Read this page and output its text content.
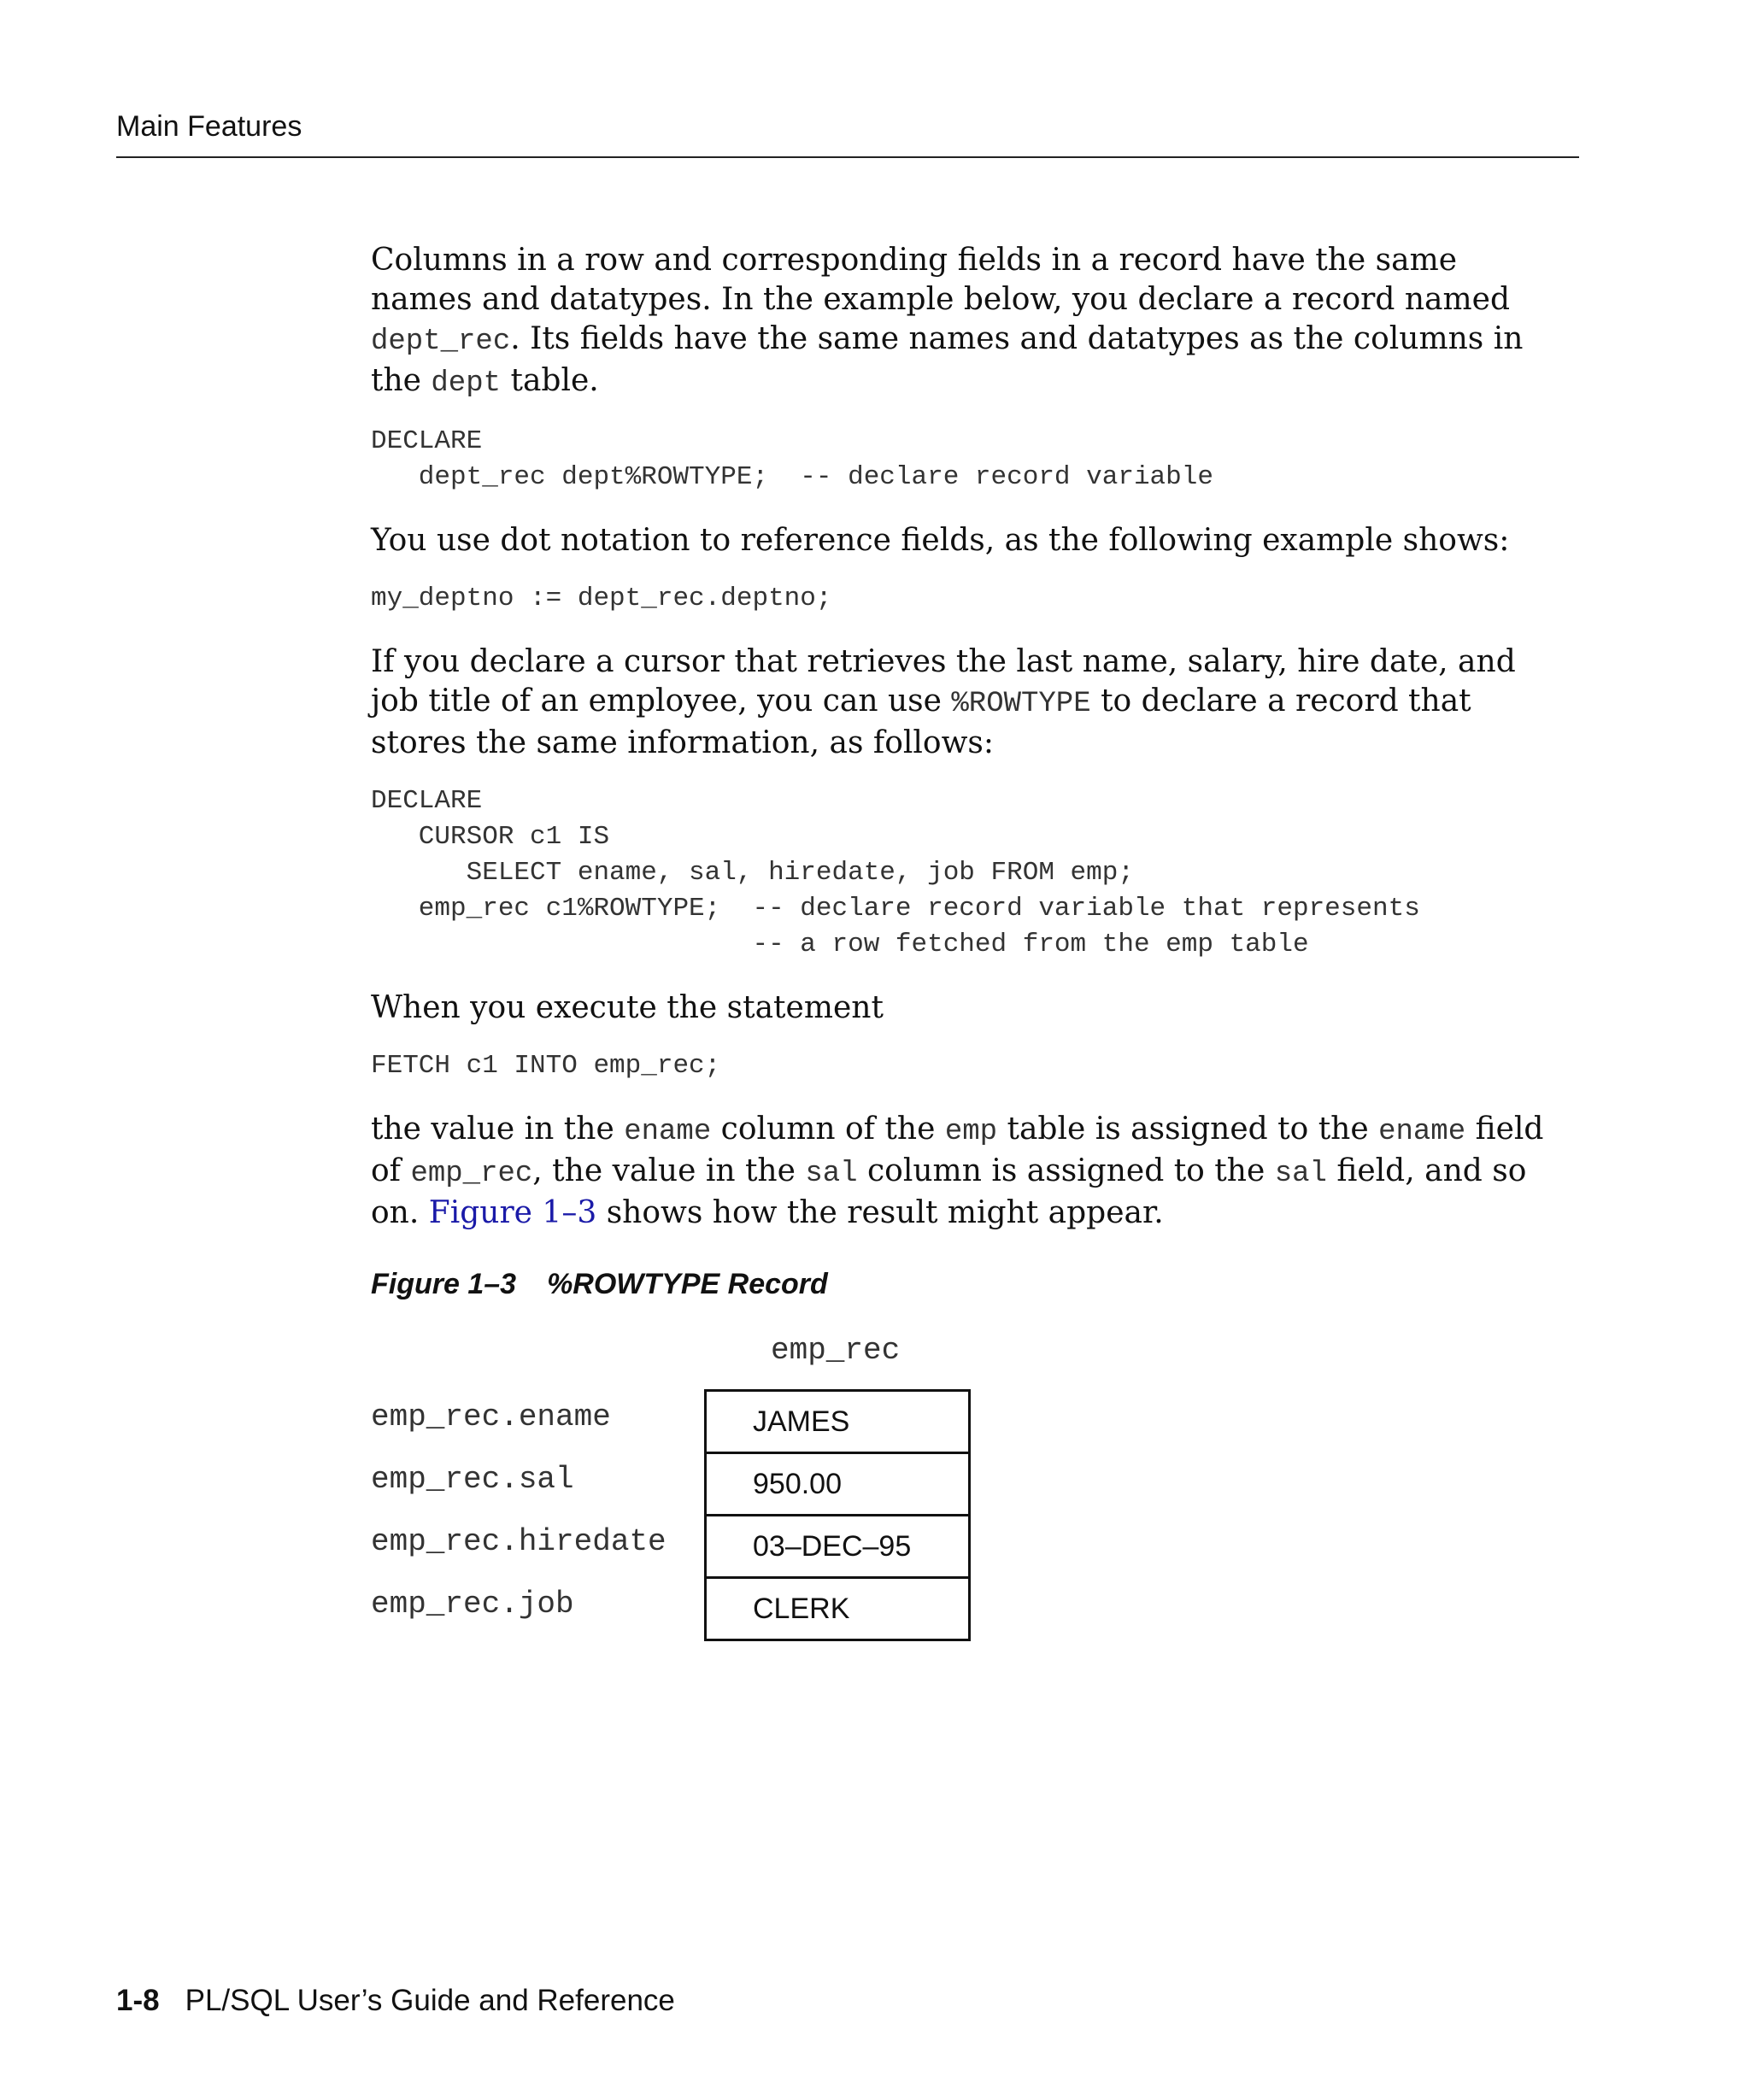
Main Features

Columns in a row and corresponding fields in a record have the same names and datatypes. In the example below, you declare a record named dept_rec. Its fields have the same names and datatypes as the columns in the dept table.

DECLARE
dept_rec dept%ROWTYPE;  -- declare record variable

You use dot notation to reference fields, as the following example shows:

my_deptno := dept_rec.deptno;

If you declare a cursor that retrieves the last name, salary, hire date, and job title of an employee, you can use %ROWTYPE to declare a record that stores the same information, as follows:

DECLARE
CURSOR c1 IS
SELECT ename, sal, hiredate, job FROM emp;
emp_rec c1%ROWTYPE;  -- declare record variable that represents
-- a row fetched from the emp table

When you execute the statement

FETCH c1 INTO emp_rec;

the value in the ename column of the emp table is assigned to the ename field of emp_rec, the value in the sal column is assigned to the sal field, and so on. Figure 1–3 shows how the result might appear.

Figure 1–3 %ROWTYPE Record
emp_rec
emp_rec.ename
emp_rec.sal
emp_rec.hiredate
emp_rec.job
JAMES
950.00
03–DEC–95
CLERK
1-8 PL/SQL User’s Guide and Reference
